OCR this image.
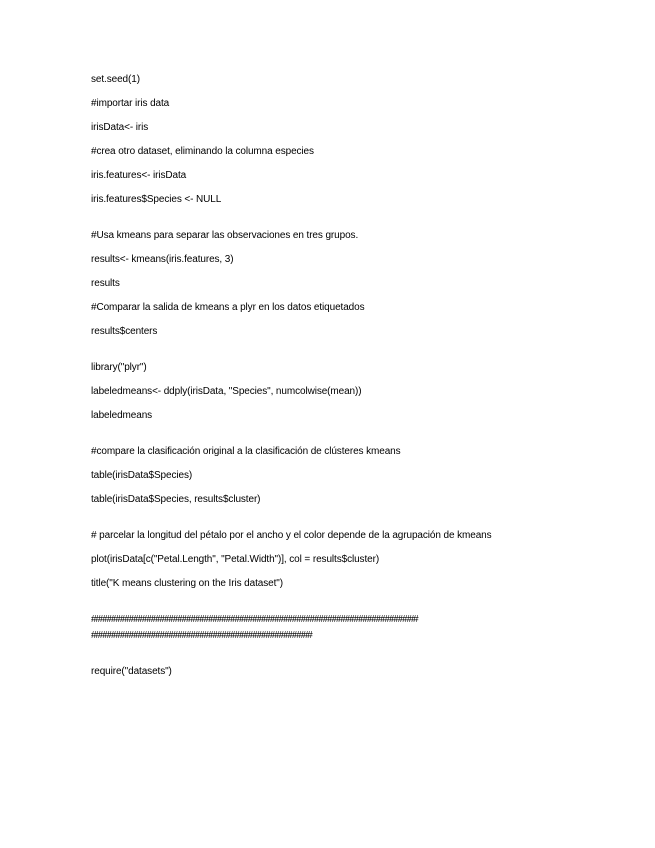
set.seed(1)
#importar iris data
irisData<- iris
#crea otro dataset, eliminando la columna especies
iris.features<- irisData
iris.features$Species <- NULL
#Usa kmeans para separar las observaciones en tres grupos.
results<- kmeans(iris.features, 3)
results
#Comparar la salida de kmeans a plyr en los datos etiquetados
results$centers
library("plyr")
labeledmeans<- ddply(irisData, "Species", numcolwise(mean))
labeledmeans
#compare la clasificación original a la clasificación de clústeres kmeans
table(irisData$Species)
table(irisData$Species, results$cluster)
# parcelar la longitud del pétalo por el ancho y el color depende de la agrupación de kmeans
plot(irisData[c("Petal.Length", "Petal.Width")], col = results$cluster)
title("K means clustering on the Iris dataset")
##########################################################################
##################################################
require("datasets")
